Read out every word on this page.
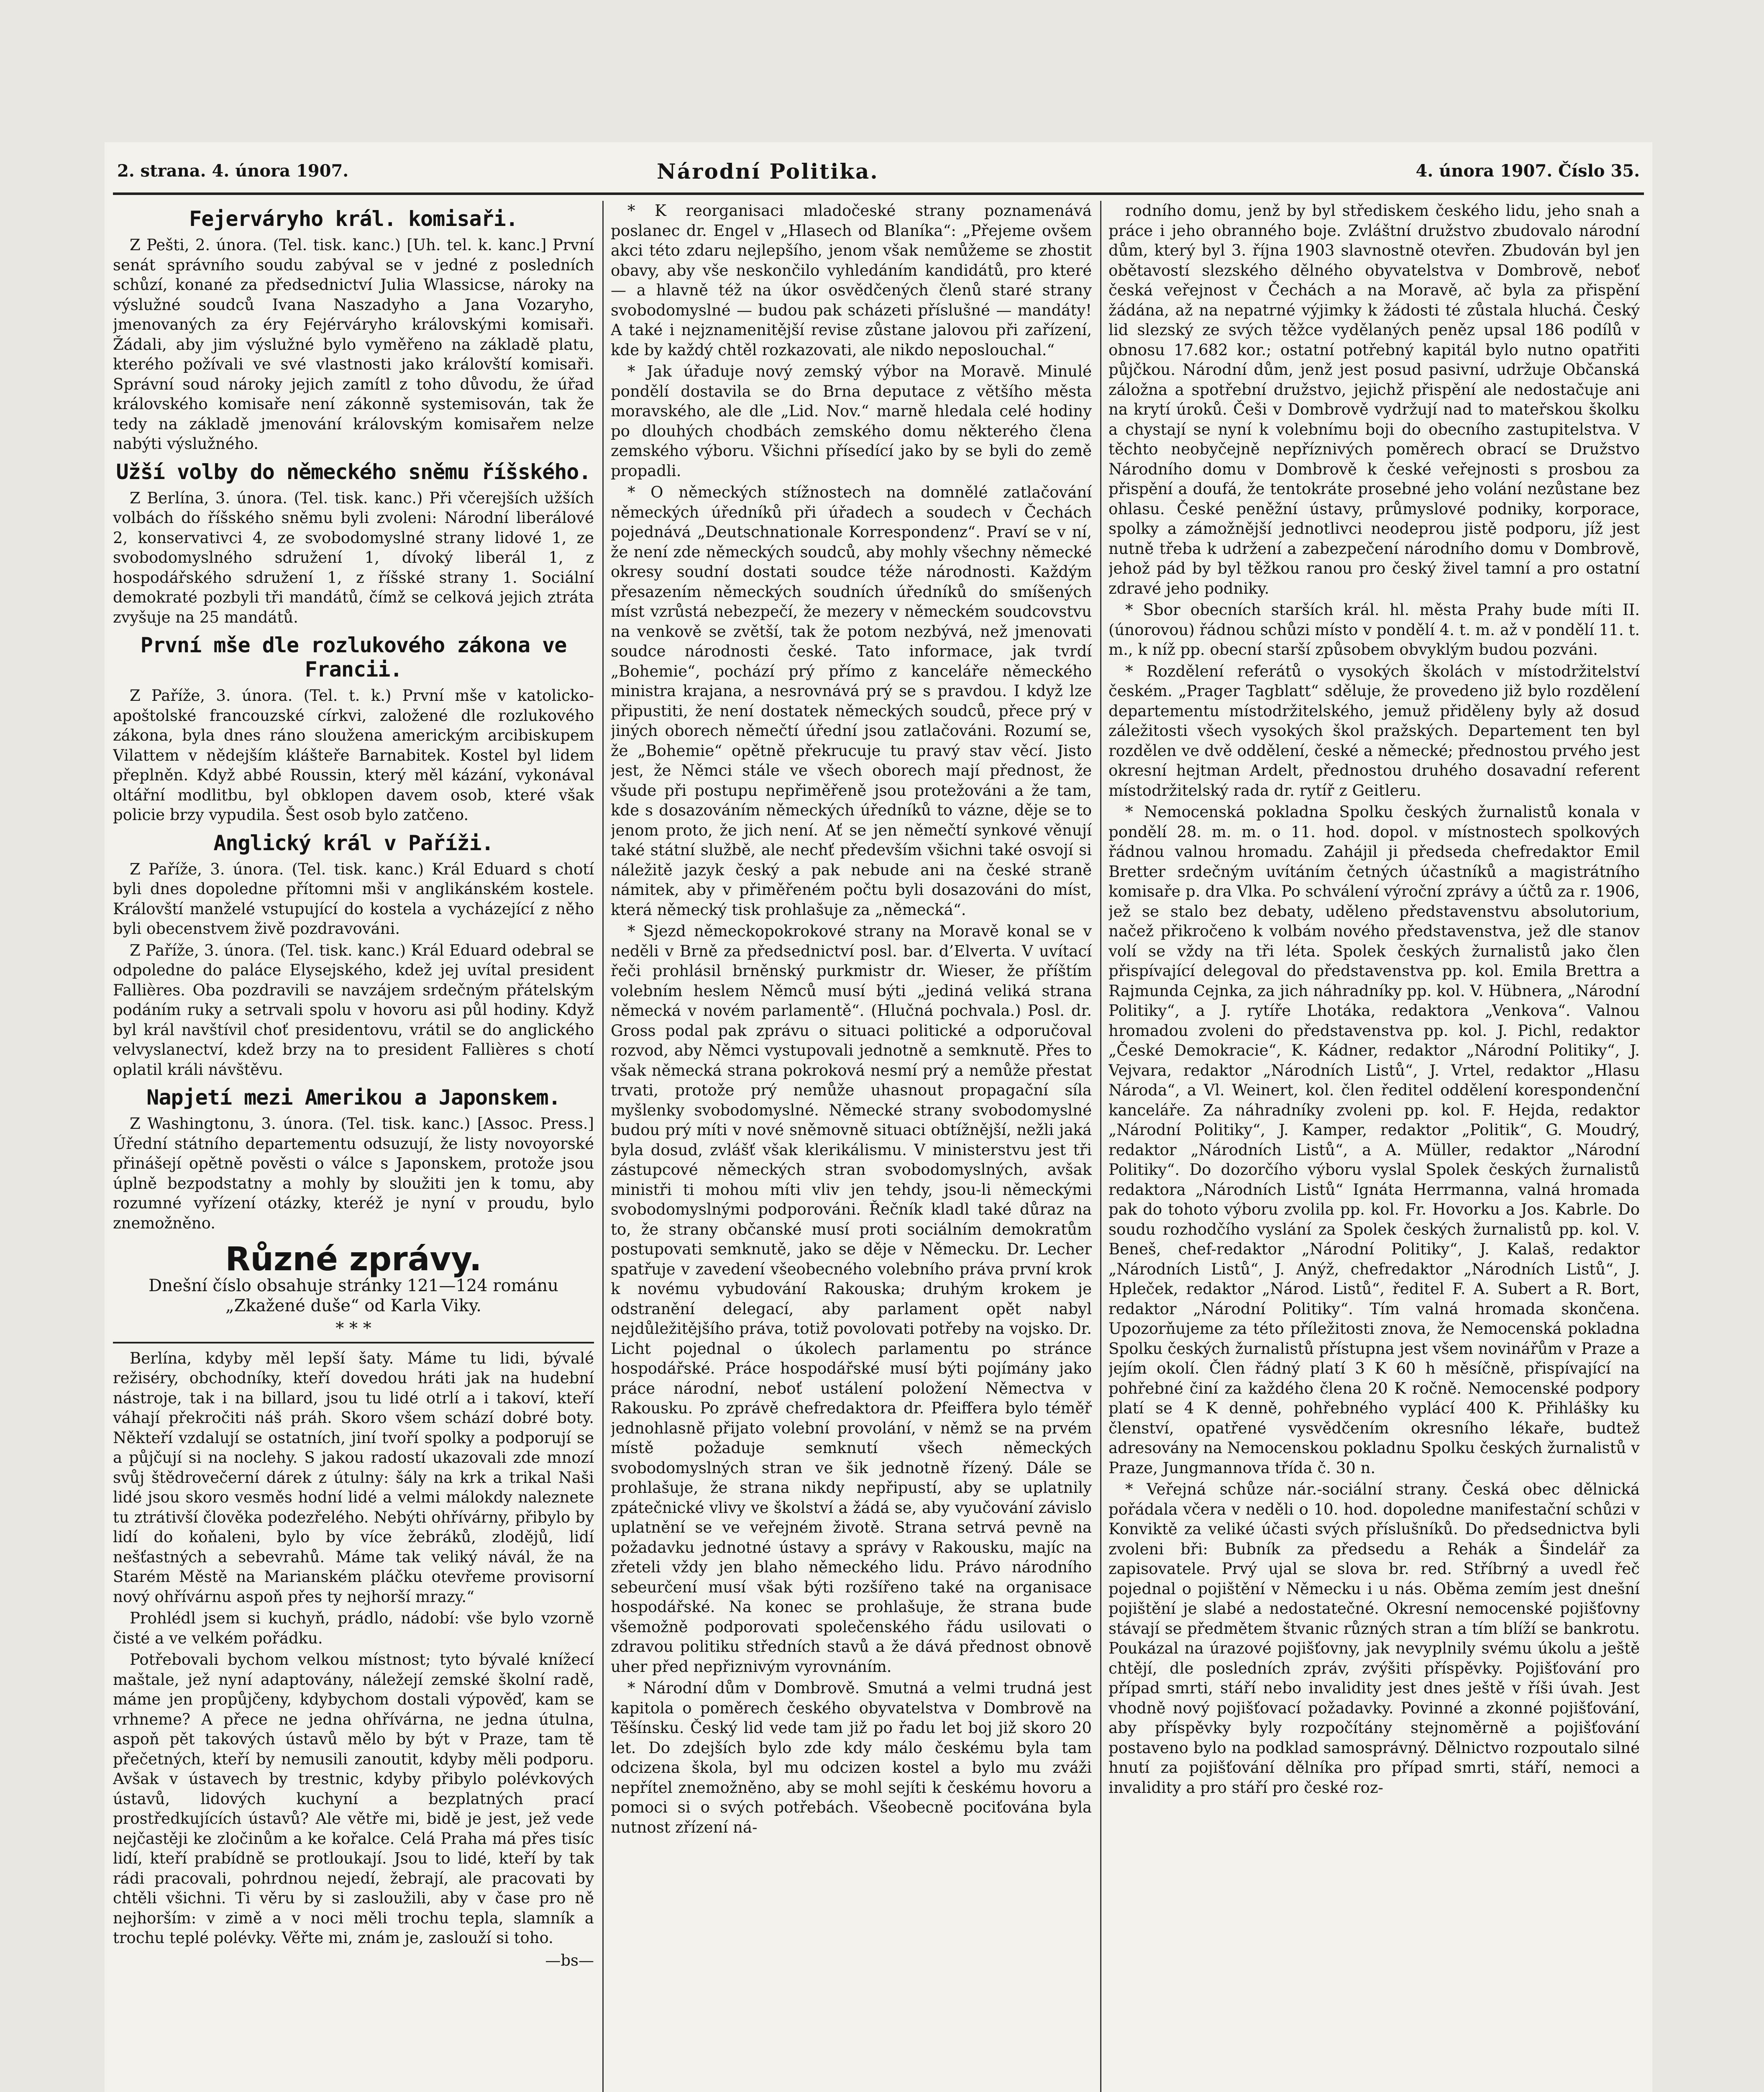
2. strana. 4. února 1907.	Národní Politika.	4. února 1907. Číslo 35.
Fejerváryho král. komisaři.

Z Pešti, 2. února. (Tel. tisk. kanc.) [Uh. tel. k. kanc.] První senát správního soudu zabýval se v jedné z posledních schůzí, konané za předsednictví Julia Wlassicse, nároky na výslužné soudců Ivana Naszadyho a Jana Vozaryho, jmenovaných za éry Fejérváryho královskými komisaři. Žádali, aby jim výslužné bylo vyměřeno na základě platu, kterého požívali ve své vlastnosti jako královští komisaři. Správní soud nároky jejich zamítl z toho důvodu, že úřad královského komisaře není zákonně systemisován, tak že tedy na základě jmenování královským komisařem nelze nabýti výslužného.

Užší volby do německého sněmu říšského.

Z Berlína, 3. února. (Tel. tisk. kanc.) Při včerejších užších volbách do říšského sněmu byli zvoleni: Národní liberálové 2, konservativci 4, ze svobodomyslné strany lidové 1, ze svobodomyslného sdružení 1, dívoký liberál 1, z hospodářského sdružení 1, z říšské strany 1. Sociální demokraté pozbyli tři mandátů, čímž se celková jejich ztráta zvyšuje na 25 mandátů.

První mše dle rozlukového zákona ve Francii.

Z Paříže, 3. února. (Tel. t. k.) První mše v katolicko-apoštolské francouzské církvi, založené dle rozlukového zákona, byla dnes ráno sloužena americkým arcibiskupem Vilattem v nědejším klášteře Barnabitek. Kostel byl lidem přeplněn. Když abbé Roussin, který měl kázání, vykonával oltářní modlitbu, byl obklopen davem osob, které však policie brzy vypudila. Šest osob bylo zatčeno.

Anglický král v Paříži.

Z Paříže, 3. února. (Tel. tisk. kanc.) Král Eduard s chotí byli dnes dopoledne přítomni mši v anglikánském kostele. Královští manželé vstupující do kostela a vycházející z něho byli obecenstvem živě pozdravováni.

Z Paříže, 3. února. (Tel. tisk. kanc.) Král Eduard odebral se odpoledne do paláce Elysejského, kdež jej uvítal president Fallières. Oba pozdravili se navzájem srdečným přátelským podáním ruky a setrvali spolu v hovoru asi půl hodiny. Když byl král navštívil choť presidentovu, vrátil se do anglického velvyslanectví, kdež brzy na to president Fallières s chotí oplatil králi návštěvu.

Napjetí mezi Amerikou a Japonskem.

Z Washingtonu, 3. února. (Tel. tisk. kanc.) [Assoc. Press.] Úřední státního departementu odsuzují, že listy novoyorské přinášejí opětně pověsti o válce s Japonskem, protože jsou úplně bezpodstatny a mohly by sloužiti jen k tomu, aby rozumné vyřízení otázky, kteréž je nyní v proudu, bylo znemožněno.

Různé zprávy.
Dnešní číslo obsahuje stránky 121—124 románu „Zkažené duše“ od Karla Viky.
* * *

Berlína, kdyby měl lepší šaty. Máme tu lidi, bývalé režiséry, obchodníky, kteří dovedou hráti jak na hudební nástroje, tak i na billard, jsou tu lidé otrlí a i takoví, kteří váhají překročiti náš práh. Skoro všem schází dobré boty. Někteří vzdalují se ostatních, jiní tvoří spolky a podporují se a půjčují si na noclehy. S jakou radostí ukazovali zde mnozí svůj štědrovečerní dárek z útulny: šály na krk a trikal Naši lidé jsou skoro vesměs hodní lidé a velmi málokdy naleznete tu ztrátivší člověka podezřelého. Nebýti ohřívárny, přibylo by lidí do koňaleni, bylo by více žebráků, zlodějů, lidí nešťastných a sebevrahů. Máme tak veliký návál, že na Starém Městě na Marianském pláčku otevřeme provisorní nový ohřívárnu aspoň přes ty nejhorší mrazy.“

Prohlédl jsem si kuchyň, prádlo, nádobí: vše bylo vzorně čisté a ve velkém pořádku.

Potřebovali bychom velkou místnost; tyto bývalé knížecí maštale, jež nyní adaptovány, náležejí zemské školní radě, máme jen propůjčeny, kdybychom dostali výpověď, kam se vrhneme? A přece ne jedna ohřívárna, ne jedna útulna, aspoň pět takových ústavů mělo by být v Praze, tam tě přečetných, kteří by nemusili zanoutit, kdyby měli podporu. Avšak v ústavech by trestnic, kdyby přibylo polévkových ústavů, lidových kuchyní a bezplatných prací prostředkujících ústavů? Ale větře mi, bidě je jest, jež vede nejčastěji ke zločinům a ke kořalce. Celá Praha má přes tisíc lidí, kteří prabídně se protloukají. Jsou to lidé, kteří by tak rádi pracovali, pohrdnou nejedí, žebrají, ale pracovati by chtěli všichni. Ti věru by si zasloužili, aby v čase pro ně nejhorším: v zimě a v noci měli trochu tepla, slamník a trochu teplé polévky. Věřte mi, znám je, zaslouží si toho.

—bs—

* K reorganisaci mladočeské strany poznamenává poslanec dr. Engel v „Hlasech od Blaníka“: „Přejeme ovšem akci této zdaru nejlepšího, jenom však nemůžeme se zhostit obavy, aby vše neskončilo vyhledáním kandidátů, pro které — a hlavně též na úkor osvědčených členů staré strany svobodomyslné — budou pak scházeti příslušné — mandáty! A také i nejznamenitější revise zůstane jalovou při zařízení, kde by každý chtěl rozkazovati, ale nikdo neposlouchal.“

* Jak úřaduje nový zemský výbor na Moravě. Minulé pondělí dostavila se do Brna deputace z většího města moravského, ale dle „Lid. Nov.“ marně hledala celé hodiny po dlouhých chodbách zemského domu některého člena zemského výboru. Všichni přísedící jako by se byli do země propadli.

* O německých stížnostech na domnělé zatlačování německých úředníků při úřadech a soudech v Čechách pojednává „Deutschnationale Korrespondenz“. Praví se v ní, že není zde německých soudců, aby mohly všechny německé okresy soudní dostati soudce téže národnosti. Každým přesazením německých soudních úředníků do smíšených míst vzrůstá nebezpečí, že mezery v německém soudcovstvu na venkově se zvětší, tak že potom nezbývá, než jmenovati soudce národnosti české. Tato informace, jak tvrdí „Bohemie“, pochází prý přímo z kanceláře německého ministra krajana, a nesrovnává prý se s pravdou. I když lze připustiti, že není dostatek německých soudců, přece prý v jiných oborech němečtí úřední jsou zatlačováni. Rozumí se, že „Bohemie“ opětně překrucuje tu pravý stav věcí. Jisto jest, že Němci stále ve všech oborech mají přednost, že všude při postupu nepřiměřeně jsou protežováni a že tam, kde s dosazováním německých úředníků to vázne, děje se to jenom proto, že jich není. Ať se jen němečtí synkové věnují také státní službě, ale nechť především všichni také osvojí si náležitě jazyk český a pak nebude ani na české straně námitek, aby v přiměřeném počtu byli dosazováni do míst, která německý tisk prohlašuje za „německá“.

* Sjezd německopokrokové strany na Moravě konal se v neděli v Brně za předsednictví posl. bar. d’Elverta. V uvítací řeči prohlásil brněnský purkmistr dr. Wieser, že příštím volebním heslem Němců musí býti „jediná veliká strana německá v novém parlamentě“. (Hlučná pochvala.) Posl. dr. Gross podal pak zprávu o situaci politické a odporučoval rozvod, aby Němci vystupovali jednotně a semknutě. Přes to však německá strana pokroková nesmí prý a nemůže přestat trvati, protože prý nemůže uhasnout propagační síla myšlenky svobodomyslné. Německé strany svobodomyslné budou prý míti v nové sněmovně situaci obtížnější, nežli jaká byla dosud, zvlášť však klerikálismu. V ministerstvu jest tři zástupcové německých stran svobodomyslných, avšak ministři ti mohou míti vliv jen tehdy, jsou-li německými svobodomyslnými podporováni. Řečník kladl také důraz na to, že strany občanské musí proti sociálním demokratům postupovati semknutě, jako se děje v Německu. Dr. Lecher spatřuje v zavedení všeobecného volebního práva první krok k novému vybudování Rakouska; druhým krokem je odstranění delegací, aby parlament opět nabyl nejdůležitějšího práva, totiž povolovati potřeby na vojsko. Dr. Licht pojednal o úkolech parlamentu po stránce hospodářské. Práce hospodářské musí býti pojímány jako práce národní, neboť ustálení položení Němectva v Rakousku. Po zprávě chefredaktora dr. Pfeiffera bylo téměř jednohlasně přijato volební provolání, v němž se na prvém místě požaduje semknutí všech německých svobodomyslných stran ve šik jednotně řízený. Dále se prohlašuje, že strana nikdy nepřipustí, aby se uplatnily zpátečnické vlivy ve školství a žádá se, aby vyučování závislo uplatnění se ve veřejném životě. Strana setrvá pevně na požadavku jednotné ústavy a správy v Rakousku, majíc na zřeteli vždy jen blaho německého lidu. Právo národního sebeurčení musí však býti rozšířeno také na organisace hospodářské. Na konec se prohlašuje, že strana bude všemožně podporovati společenského řádu usilovati o zdravou politiku středních stavů a že dává přednost obnově uher před nepřiznivým vyrovnáním.

* Národní dům v Dombrově. Smutná a velmi trudná jest kapitola o poměrech českého obyvatelstva v Dombrově na Těšínsku. Český lid vede tam již po řadu let boj již skoro 20 let. Do zdejších bylo zde kdy málo českému byla tam odcizena škola, byl mu odcizen kostel a bylo mu zváži nepřítel znemožněno, aby se mohl sejíti k českému hovoru a pomoci si o svých potřebách. Všeobecně pociťována byla nutnost zřízení ná-

rodního domu, jenž by byl střediskem českého lidu, jeho snah a práce i jeho obranného boje. Zvláštní družstvo zbudovalo národní dům, který byl 3. října 1903 slavnostně otevřen. Zbudován byl jen obětavostí slezského dělného obyvatelstva v Dombrově, neboť česká veřejnost v Čechách a na Moravě, ač byla za přispění žádána, až na nepatrné výjimky k žádosti té zůstala hluchá. Český lid slezský ze svých těžce vydělaných peněz upsal 186 podílů v obnosu 17.682 kor.; ostatní potřebný kapitál bylo nutno opatřiti půjčkou. Národní dům, jenž jest posud pasivní, udržuje Občanská záložna a spotřební družstvo, jejichž přispění ale nedostačuje ani na krytí úroků. Češi v Dombrově vydržují nad to mateřskou školku a chystají se nyní k volebnímu boji do obecního zastupitelstva. V těchto neobyčejně nepříznivých poměrech obrací se Družstvo Národního domu v Dombrově k české veřejnosti s prosbou za přispění a doufá, že tentokráte prosebné jeho volání nezůstane bez ohlasu. České peněžní ústavy, průmyslové podniky, korporace, spolky a zámožnější jednotlivci neodeprou jistě podporu, jíž jest nutně třeba k udržení a zabezpečení národního domu v Dombrově, jehož pád by byl těžkou ranou pro český živel tamní a pro ostatní zdravé jeho podniky.

* Sbor obecních starších král. hl. města Prahy bude míti II. (únorovou) řádnou schůzi místo v pondělí 4. t. m. až v pondělí 11. t. m., k níž pp. obecní starší způsobem obvyklým budou pozváni.

* Rozdělení referátů o vysokých školách v místodržitelství českém. „Prager Tagblatt“ sděluje, že provedeno již bylo rozdělení departementu místodržitelského, jemuž přiděleny byly až dosud záležitosti všech vysokých škol pražských. Departement ten byl rozdělen ve dvě oddělení, české a německé; přednostou prvého jest okresní hejtman Ardelt, přednostou druhého dosavadní referent místodržitelský rada dr. rytíř z Geitleru.

* Nemocenská pokladna Spolku českých žurnalistů konala v pondělí 28. m. m. o 11. hod. dopol. v místnostech spolkových řádnou valnou hromadu. Zahájil ji předseda chefredaktor Emil Bretter srdečným uvítáním četných účastníků a magistrátního komisaře p. dra Vlka. Po schválení výroční zprávy a účtů za r. 1906, jež se stalo bez debaty, uděleno představenstvu absolutorium, načež přikročeno k volbám nového představenstva, jež dle stanov volí se vždy na tři léta. Spolek českých žurnalistů jako člen přispívající delegoval do představenstva pp. kol. Emila Brettra a Rajmunda Cejnka, za jich náhradníky pp. kol. V. Hübnera, „Národní Politiky“, a J. rytíře Lhotáka, redaktora „Venkova“. Valnou hromadou zvoleni do představenstva pp. kol. J. Pichl, redaktor „České Demokracie“, K. Kádner, redaktor „Národní Politiky“, J. Vejvara, redaktor „Národních Listů“, J. Vrtel, redaktor „Hlasu Národa“, a Vl. Weinert, kol. člen ředitel oddělení korespondenční kanceláře. Za náhradníky zvoleni pp. kol. F. Hejda, redaktor „Národní Politiky“, J. Kamper, redaktor „Politik“, G. Moudrý, redaktor „Národních Listů“, a A. Müller, redaktor „Národní Politiky“. Do dozorčího výboru vyslal Spolek českých žurnalistů redaktora „Národních Listů“ Ignáta Herrmanna, valná hromada pak do tohoto výboru zvolila pp. kol. Fr. Hovorku a Jos. Kabrle. Do soudu rozhodčího vyslání za Spolek českých žurnalistů pp. kol. V. Beneš, chef-redaktor „Národní Politiky“, J. Kalaš, redaktor „Národních Listů“, J. Anýž, chefredaktor „Národních Listů“, J. Hpleček, redaktor „Národ. Listů“, ředitel F. A. Subert a R. Bort, redaktor „Národní Politiky“. Tím valná hromada skončena. Upozorňujeme za této příležitosti znova, že Nemocenská pokladna Spolku českých žurnalistů přístupna jest všem novinářům v Praze a jejím okolí. Člen řádný platí 3 K 60 h měsíčně, přispívající na pohřebné činí za každého člena 20 K ročně. Nemocenské podpory platí se 4 K denně, pohřebného vyplácí 400 K. Přihlášky ku členství, opatřené vysvědčením okresního lékaře, budtež adresovány na Nemocenskou pokladnu Spolku českých žurnalistů v Praze, Jungmannova třída č. 30 n.

* Veřejná schůze nár.-sociální strany. Česká obec dělnická pořádala včera v neděli o 10. hod. dopoledne manifestační schůzi v Konviktě za veliké účasti svých příslušníků. Do předsednictva byli zvoleni bři: Bubník za předsedu a Rehák a Šindelář za zapisovatele. Prvý ujal se slova br. red. Stříbrný a uvedl řeč pojednal o pojištění v Německu i u nás. Oběma zemím jest dnešní pojištění je slabé a nedostatečné. Okresní nemocenské pojišťovny stávají se předmětem štvanic různých stran a tím blíží se bankrotu. Poukázal na úrazové pojišťovny, jak nevyplnily svému úkolu a ještě chtějí, dle posledních zpráv, zvýšiti příspěvky. Pojišťování pro případ smrti, stáří nebo invalidity jest dnes ještě v říši úvah. Jest vhodně nový pojišťovací požadavky. Povinné a zkonné pojišťování, aby příspěvky byly rozpočítány stejnoměrně a pojišťování postaveno bylo na podklad samosprávný. Dělnictvo rozpoutalo silné hnutí za pojišťování dělníka pro případ smrti, stáří, nemoci a invalidity a pro stáří pro české roz-
